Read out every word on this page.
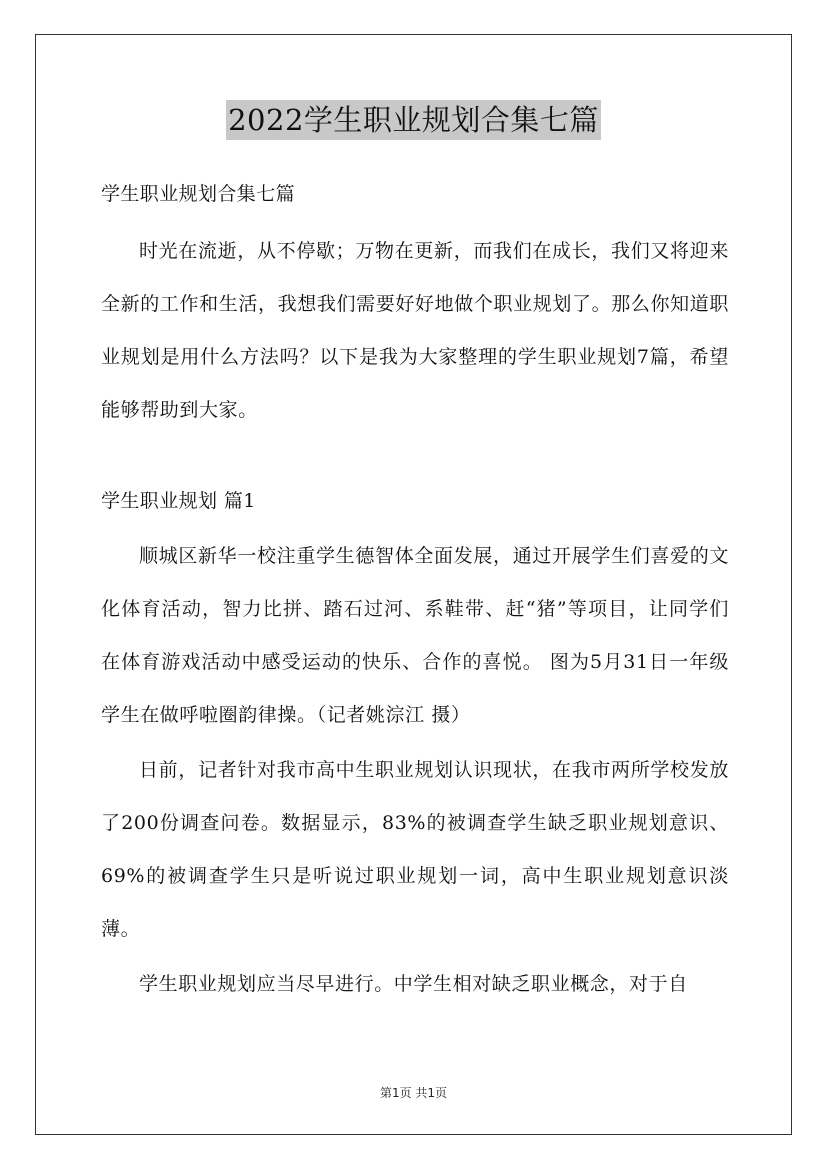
2022学生职业规划合集七篇

学生职业规划合集七篇

时光在流逝，从不停歇；万物在更新，而我们在成长，我们又将迎来全新的工作和生活，我想我们需要好好地做个职业规划了。那么你知道职业规划是用什么方法吗？以下是我为大家整理的学生职业规划7篇，希望能够帮助到大家。

学生职业规划 篇1

顺城区新华一校注重学生德智体全面发展，通过开展学生们喜爱的文化体育活动，智力比拼、踏石过河、系鞋带、赶“猪”等项目，让同学们在体育游戏活动中感受运动的快乐、合作的喜悦。 图为5月31日一年级学生在做呼啦圈韵律操。（记者姚淙江 摄）

日前，记者针对我市高中生职业规划认识现状，在我市两所学校发放了200份调查问卷。数据显示，83%的被调查学生缺乏职业规划意识、69%的被调查学生只是听说过职业规划一词，高中生职业规划意识淡薄。

学生职业规划应当尽早进行。中学生相对缺乏职业概念，对于自

第1页 共1页
